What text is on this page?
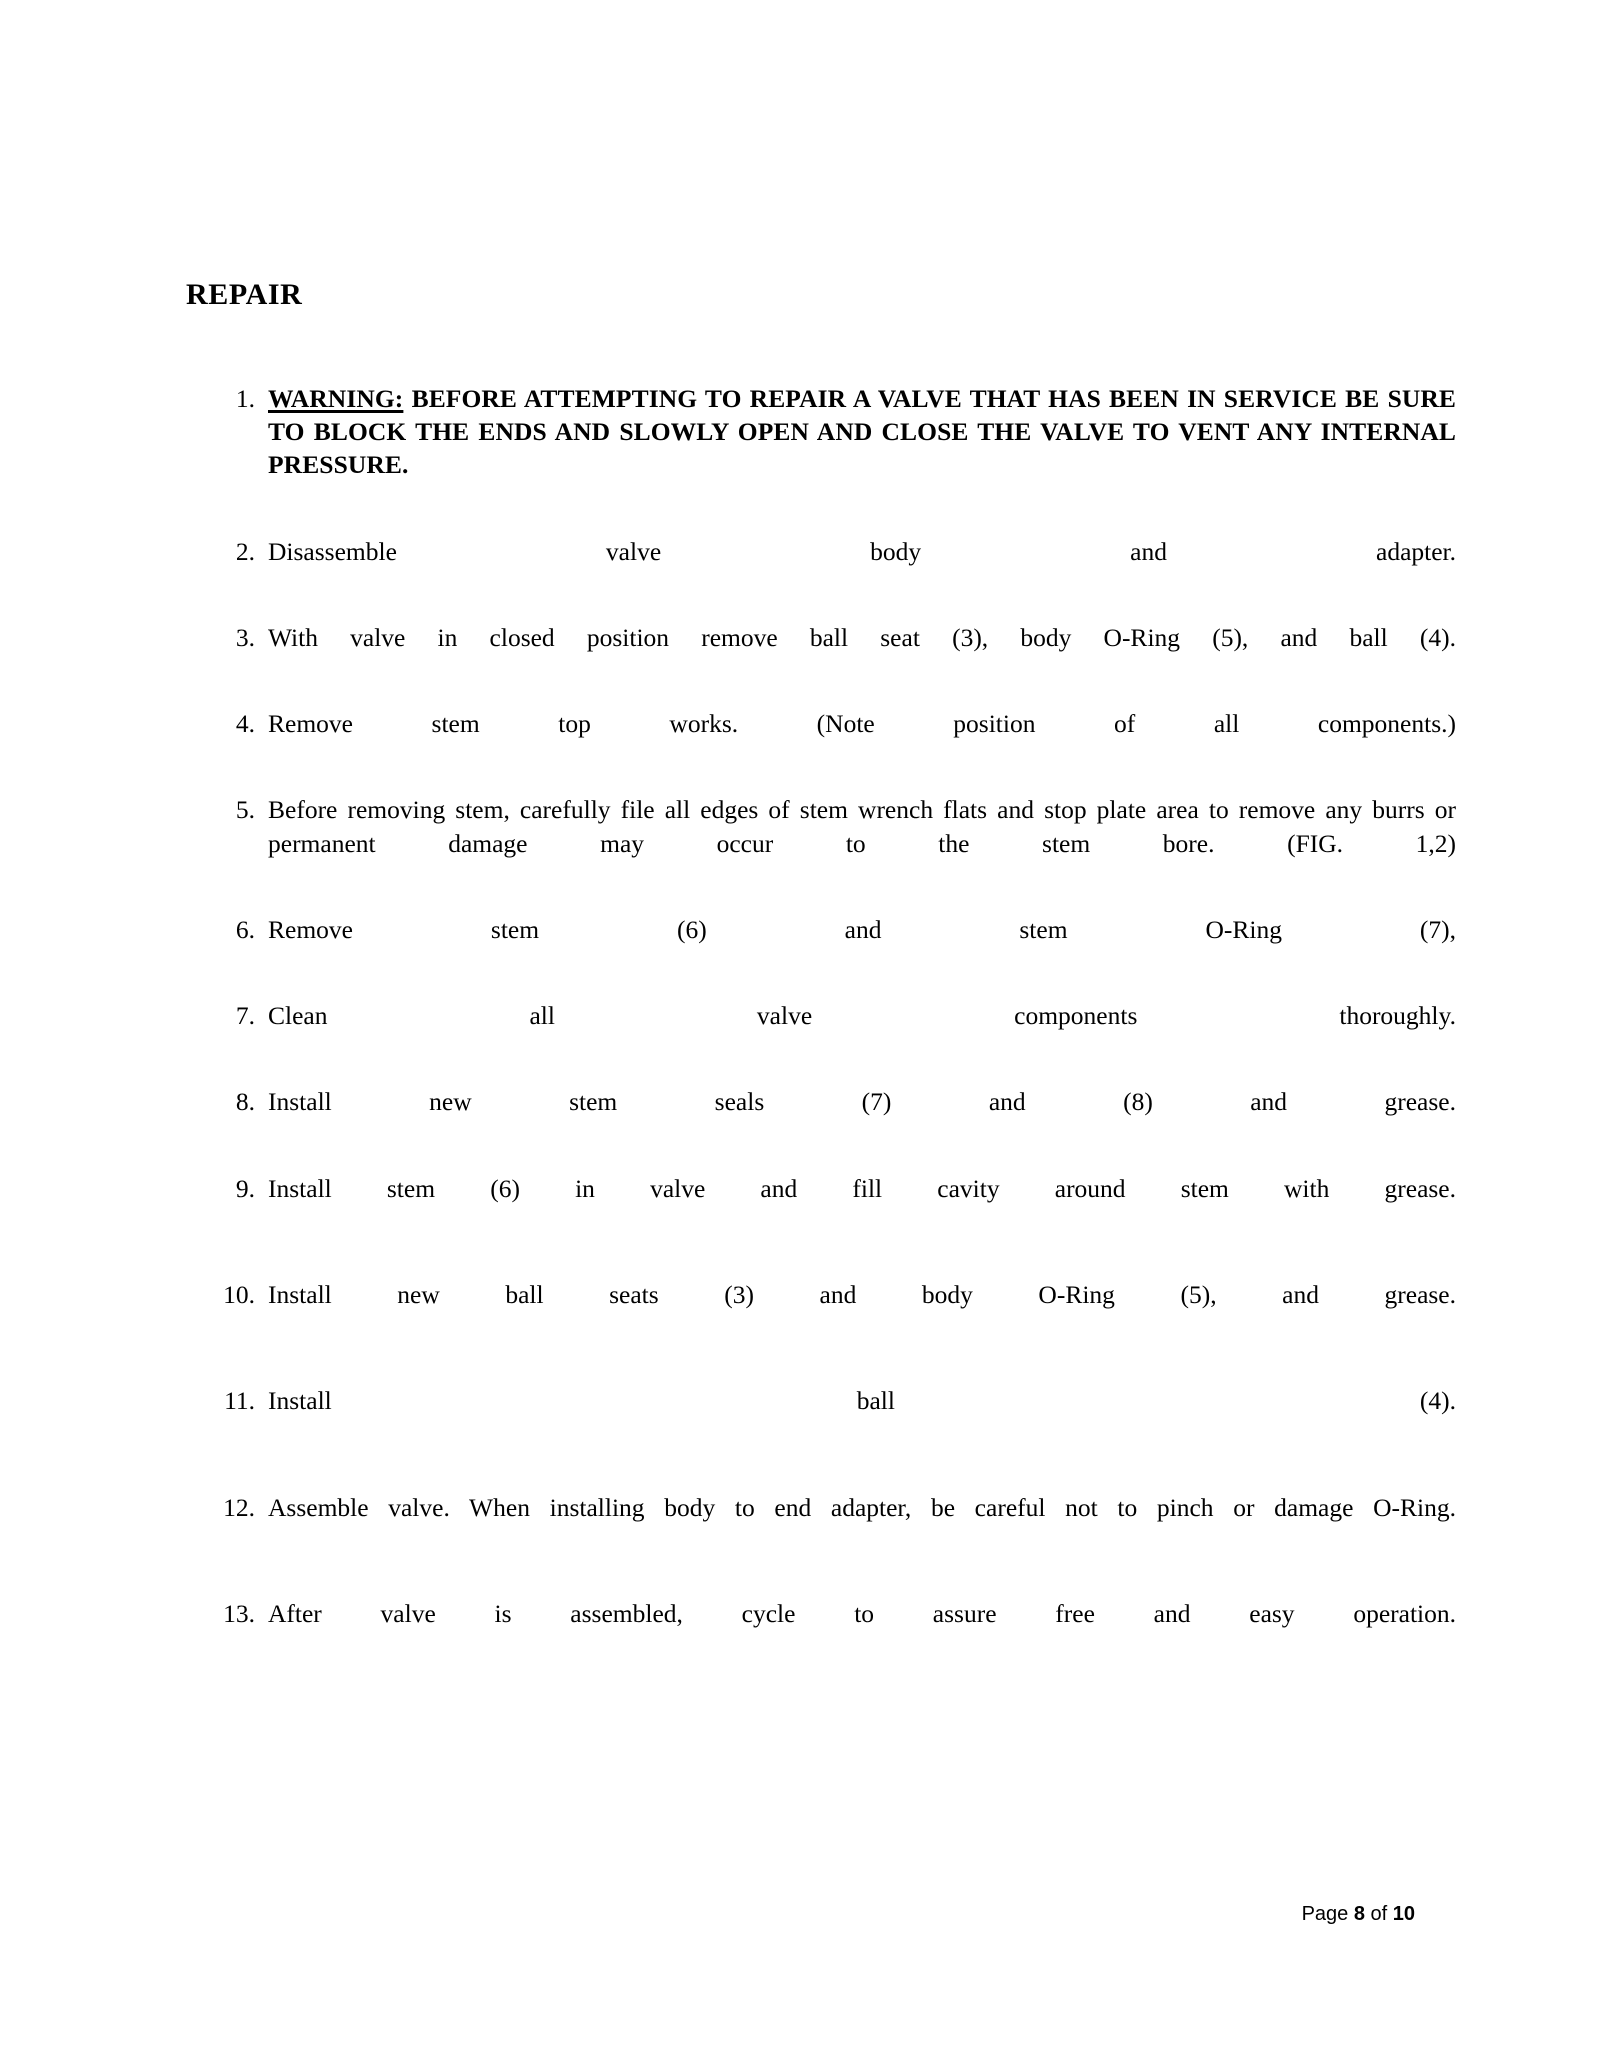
REPAIR
1. WARNING: BEFORE ATTEMPTING TO REPAIR A VALVE THAT HAS BEEN IN SERVICE BE SURE TO BLOCK THE ENDS AND SLOWLY OPEN AND CLOSE THE VALVE TO VENT ANY INTERNAL PRESSURE.
2. Disassemble valve body and adapter.
3. With valve in closed position remove ball seat (3), body O-Ring (5), and ball (4).
4. Remove stem top works. (Note position of all components.)
5. Before removing stem, carefully file all edges of stem wrench flats and stop plate area to remove any burrs or permanent damage may occur to the stem bore. (FIG. 1,2)
6. Remove stem (6) and stem O-Ring (7),
7. Clean all valve components thoroughly.
8. Install new stem seals (7) and (8) and grease.
9. Install stem (6) in valve and fill cavity around stem with grease.
10. Install new ball seats (3) and body O-Ring (5), and grease.
11. Install ball (4).
12. Assemble valve. When installing body to end adapter, be careful not to pinch or damage O-Ring.
13. After valve is assembled, cycle to assure free and easy operation.
Page 8 of 10
